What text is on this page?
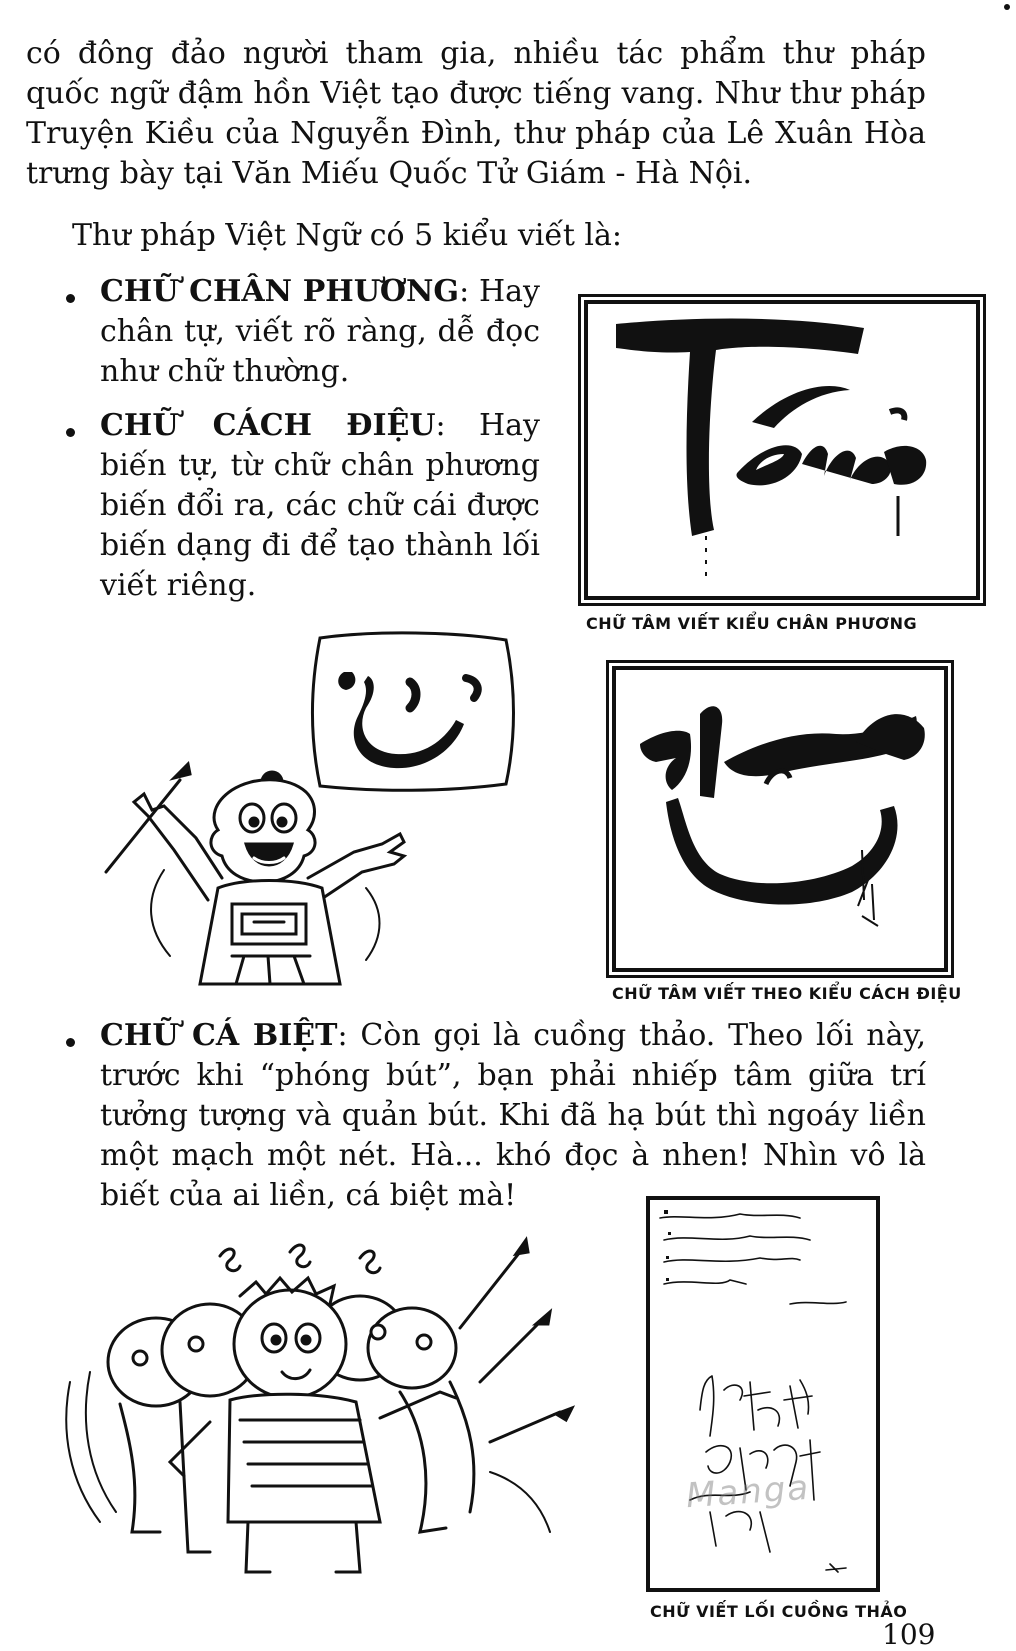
có đông đảo người tham gia, nhiều tác phẩm thư pháp quốc ngữ đậm hồn Việt tạo được tiếng vang. Như thư pháp Truyện Kiều của Nguyễn Đình, thư pháp của Lê Xuân Hòa trưng bày tại Văn Miếu Quốc Tử Giám - Hà Nội.
Thư pháp Việt Ngữ có 5 kiểu viết là:
CHỮ CHÂN PHƯƠNG: Hay chân tự, viết rõ ràng, dễ đọc như chữ thường.
CHỮ CÁCH ĐIỆU: Hay biến tự, từ chữ chân phương biến đổi ra, các chữ cái được biến dạng đi để tạo thành lối viết riêng.
CHỮ TÂM VIẾT KIỂU CHÂN PHƯƠNG
CHỮ TÂM VIẾT THEO KIỂU CÁCH ĐIỆU
CHỮ CÁ BIỆT: Còn gọi là cuồng thảo. Theo lối này, trước khi “phóng bút”, bạn phải nhiếp tâm giữa trí tưởng tượng và quản bút. Khi đã hạ bút thì ngoáy liền một mạch một nét. Hà... khó đọc à nhen! Nhìn vô là biết của ai liền, cá biệt mà!
CHỮ VIẾT LỐI CUỒNG THẢO
Manga
109
